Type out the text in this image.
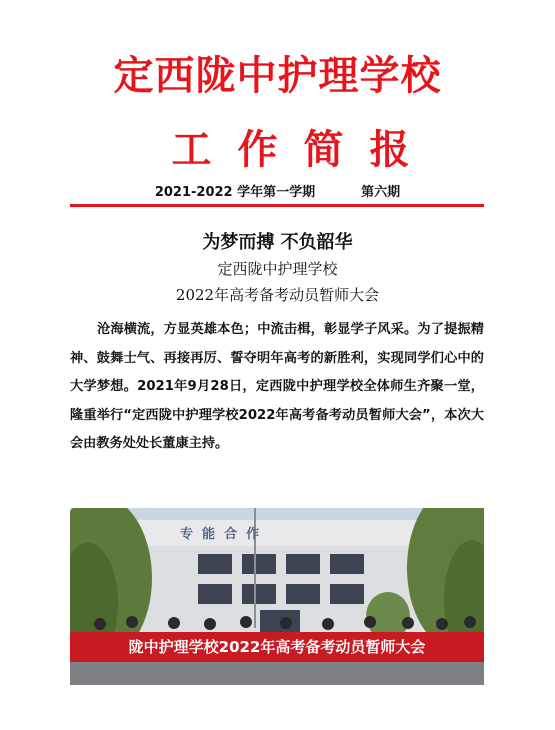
定西陇中护理学校
工作简报
2021-2022 学年第一学期	第六期
为梦而搏 不负韶华
定西陇中护理学校
2022年高考备考动员暂师大会

沧海横流，方显英雄本色；中流击楫，彰显学子风采。为了提振精神、鼓舞士气、再接再厉、誓夺明年高考的新胜利，实现同学们心中的大学梦想。2021年9月28日，定西陇中护理学校全体师生齐聚一堂，隆重举行“定西陇中护理学校2022年高考备考动员暂师大会”，本次大会由教务处处长董康主持。

专  能  合  作
陇中护理学校2022年高考备考动员暂师大会
